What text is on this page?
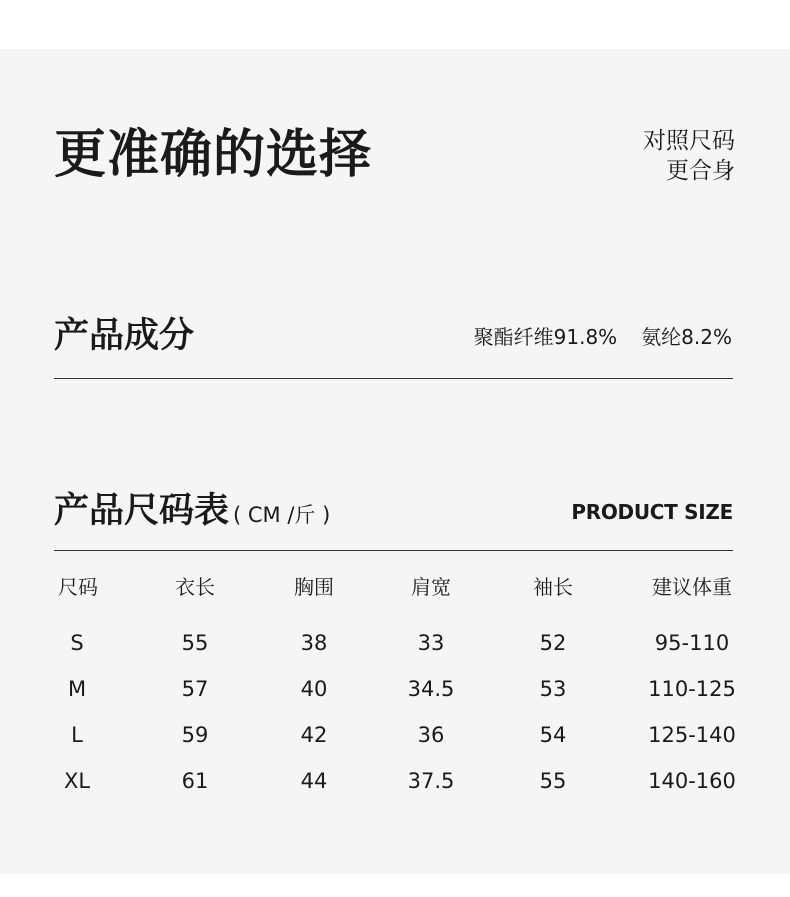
更准确的选择	对照尺码
更合身
产品成分	聚酯纤维91.8% 氨纶8.2%
产品尺码表 ( CM /斤 )	PRODUCT SIZE
尺码	衣长	胸围	肩宽	袖长	建议体重
S	55	38	33	52	95-110
M	57	40	34.5	53	110-125
L	59	42	36	54	125-140
XL	61	44	37.5	55	140-160
